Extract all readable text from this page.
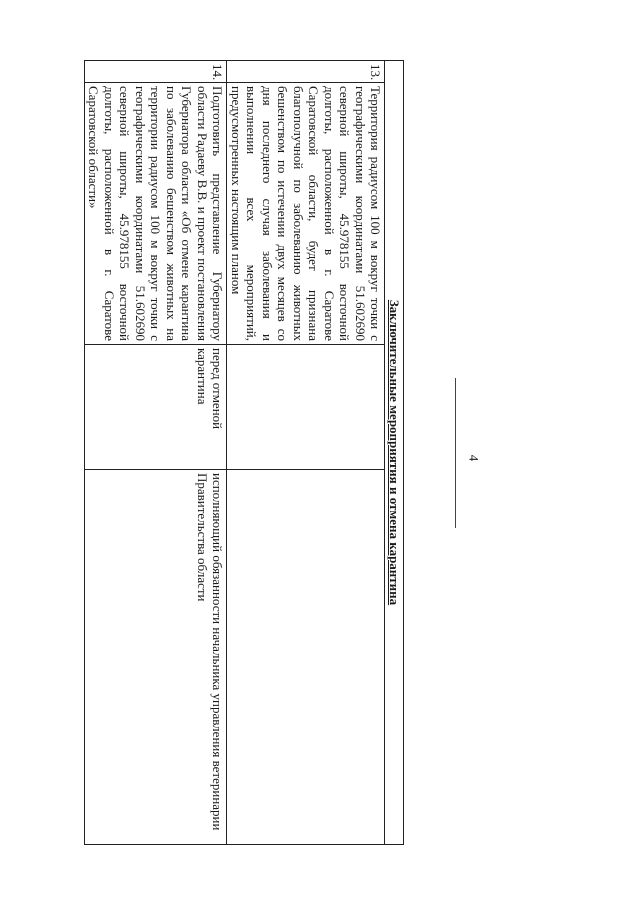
4
Заключительные мероприятия и отмена карантина			
13.	Территория радиусом 100 м вокруг точки с географическими координатами 51.602690 северной широты, 45.978155 восточной долготы, расположенной в г. Саратове Саратовской области, будет признана благополучной по заболеванию животных бешенством по истечении двух месяцев со дня последнего случая заболевания и выполнении всех мероприятий, предусмотренных настоящим планом		
14.	Подготовить представление Губернатору области Радаеву В.В. и проект постановления Губернатора области «Об отмене карантина по заболеванию бешенством животных на территории радиусом 100 м вокруг точки с географическими координатами 51.602690 северной широты, 45.978155 восточной долготы, расположенной в г. Саратове Саратовской области»	перед отменой карантина	исполняющий обязанности начальника управления ветеринарии Правительства области
